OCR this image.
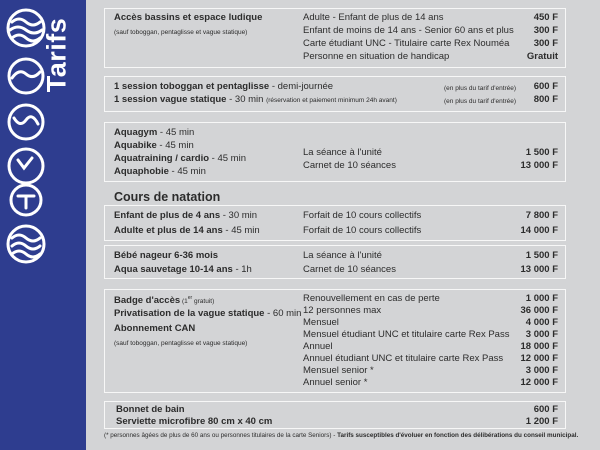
Tarifs
Accès bassins et espace ludique
(sauf toboggan, pentaglisse et vague statique)
Adulte - Enfant de plus de 14 ans	450 F
Enfant de moins de 14 ans - Senior 60 ans et plus 300 F
Carte étudiant UNC - Titulaire carte Rex Nouméa	300 F
Personne en situation de handicap	Gratuit
1 session toboggan et pentaglisse - demi-journée	(en plus du tarif d'entrée) 600 F
1 session vague statique - 30 min (réservation et paiement minimum 24h avant)	(en plus du tarif d'entrée) 800 F
Aquagym - 45 min
Aquabike - 45 min
Aquatraining / cardio - 45 min
Aquaphobie - 45 min
La séance à l'unité	1 500 F
Carnet de 10 séances	13 000 F
Cours de natation
Enfant de plus de 4 ans - 30 min	Forfait de 10 cours collectifs	7 800 F
Adulte et plus de 14 ans - 45 min	Forfait de 10 cours collectifs	14 000 F
Bébé nageur 6-36 mois	La séance à l'unité	1 500 F
Aqua sauvetage 10-14 ans - 1h	Carnet de 10 séances	13 000 F
Badge d'accès (1er gratuit)
Privatisation de la vague statique - 60 min
Abonnement CAN
(sauf toboggan, pentaglisse et vague statique)
Renouvellement en cas de perte	1 000 F
12 personnes max	36 000 F
Mensuel	4 000 F
Mensuel étudiant UNC et titulaire carte Rex Pass 3 000 F
Annuel	18 000 F
Annuel étudiant UNC et titulaire carte Rex Pass 12 000 F
Mensuel senior *	3 000 F
Annuel senior *	12 000 F
Bonnet de bain	600 F
Serviette microfibre 80 cm x 40 cm	1 200 F
(* personnes âgées de plus de 60 ans ou personnes titulaires de la carte Seniors) - Tarifs susceptibles d'évoluer en fonction des délibérations du conseil municipal.
